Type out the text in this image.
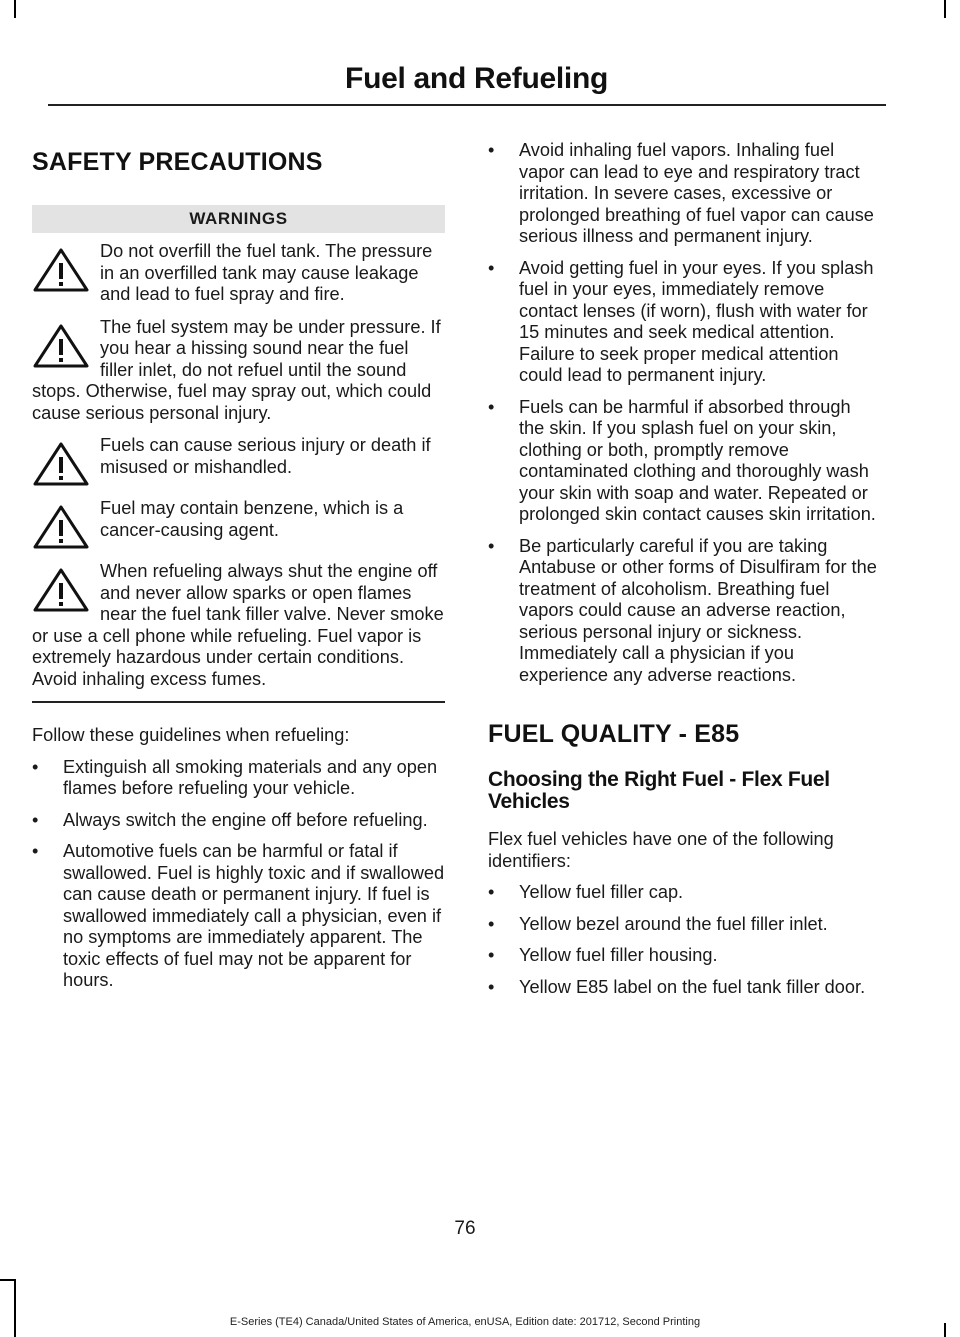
Fuel and Refueling
SAFETY PRECAUTIONS
WARNINGS
Do not overfill the fuel tank. The pressure in an overfilled tank may cause leakage and lead to fuel spray and fire.
The fuel system may be under pressure. If you hear a hissing sound near the fuel filler inlet, do not refuel until the sound stops. Otherwise, fuel may spray out, which could cause serious personal injury.
Fuels can cause serious injury or death if misused or mishandled.
Fuel may contain benzene, which is a cancer-causing agent.
When refueling always shut the engine off and never allow sparks or open flames near the fuel tank filler valve. Never smoke or use a cell phone while refueling. Fuel vapor is extremely hazardous under certain conditions. Avoid inhaling excess fumes.

Follow these guidelines when refueling:

• Extinguish all smoking materials and any open flames before refueling your vehicle.
• Always switch the engine off before refueling.
• Automotive fuels can be harmful or fatal if swallowed. Fuel is highly toxic and if swallowed can cause death or permanent injury. If fuel is swallowed immediately call a physician, even if no symptoms are immediately apparent. The toxic effects of fuel may not be apparent for hours.
• Avoid inhaling fuel vapors. Inhaling fuel vapor can lead to eye and respiratory tract irritation. In severe cases, excessive or prolonged breathing of fuel vapor can cause serious illness and permanent injury.
• Avoid getting fuel in your eyes. If you splash fuel in your eyes, immediately remove contact lenses (if worn), flush with water for 15 minutes and seek medical attention. Failure to seek proper medical attention could lead to permanent injury.
• Fuels can be harmful if absorbed through the skin. If you splash fuel on your skin, clothing or both, promptly remove contaminated clothing and thoroughly wash your skin with soap and water. Repeated or prolonged skin contact causes skin irritation.
• Be particularly careful if you are taking Antabuse or other forms of Disulfiram for the treatment of alcoholism. Breathing fuel vapors could cause an adverse reaction, serious personal injury or sickness. Immediately call a physician if you experience any adverse reactions.
FUEL QUALITY - E85
Choosing the Right Fuel - Flex Fuel Vehicles

Flex fuel vehicles have one of the following identifiers:

• Yellow fuel filler cap.
• Yellow bezel around the fuel filler inlet.
• Yellow fuel filler housing.
• Yellow E85 label on the fuel tank filler door.
76
E-Series (TE4) Canada/United States of America, enUSA, Edition date: 201712, Second Printing
